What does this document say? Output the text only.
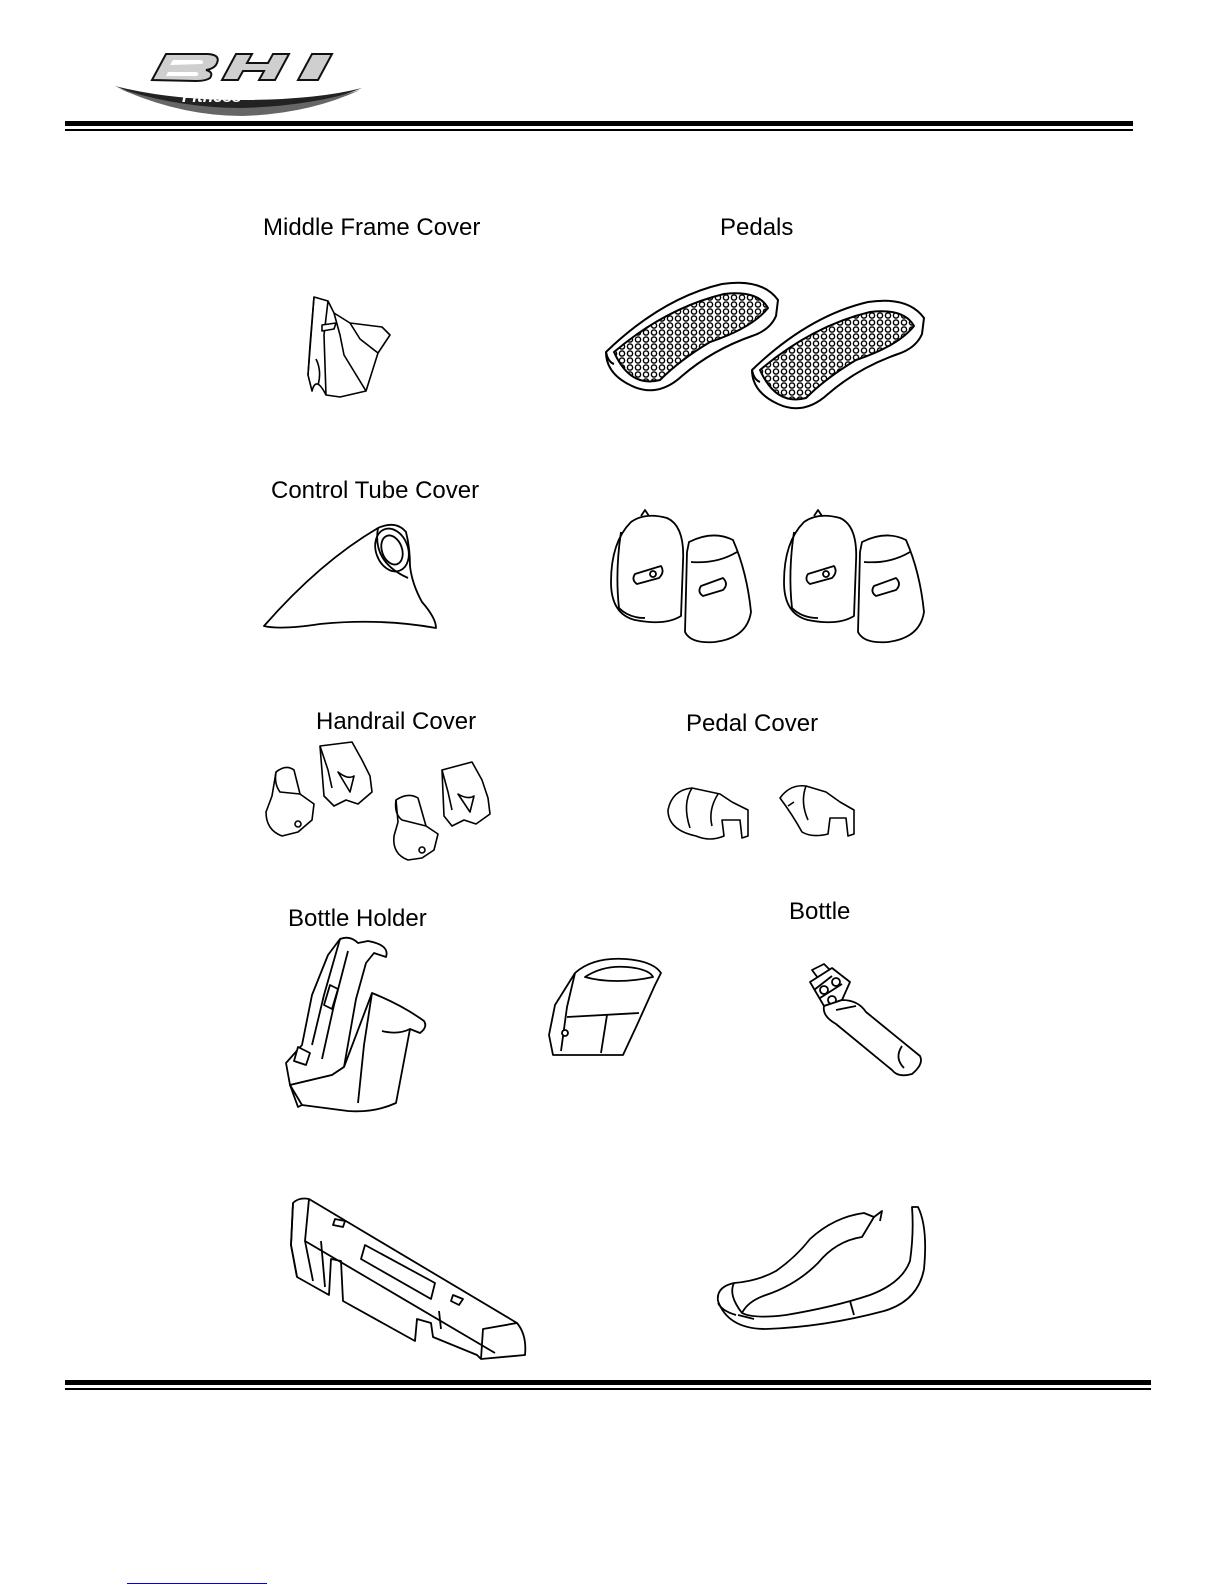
Fitness
Middle Frame Cover	Pedals
Control Tube Cover
Handrail Cover	Pedal Cover
Bottle Holder	Bottle
